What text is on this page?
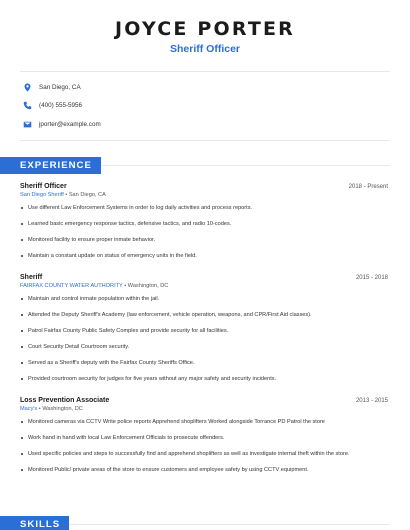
JOYCE PORTER
Sheriff Officer
San Diego, CA
(400) 555-5956
jporter@example.com
EXPERIENCE
Sheriff Officer	2018 - Present
San Diego Sheriff • San Diego, CA
Use different Law Enforcement Systems in order to log daily activities and process reports.
Learned basic emergency response tactics, defensive tactics, and radio 10-codes.
Monitored facility to ensure proper inmate behavior.
Maintain a constant update on status of emergency units in the field.
Sheriff	2015 - 2018
FAIRFAX COUNTY WATER AUTHORITY • Washington, DC
Maintain and control inmate population within the jail.
Attended the Deputy Sheriff's Academy (law enforcement, vehicle operation, weapons, and CPR/First Aid classes).
Patrol Fairfax County Public Safety Complex and provide security for all facilities.
Court Security Detail Courtroom security.
Served as a Sheriff's deputy with the Fairfax County Sheriffs Office.
Provided courtroom security for judges for five years without any major safety and security incidents.
Loss Prevention Associate	2013 - 2015
Macy's • Washington, DC
Monitored cameras via CCTV Write police reports Apprehend shoplifters Worked alongside Torrance PD Patrol the store
Work hand in hand with local Law Enforcement Officials to prosecute offenders.
Used specific policies and steps to successfully find and apprehend shoplifters as well as investigate internal theft within the store.
Monitored Public/ private areas of the store to ensure customers and employee safety by using CCTV equipment.
SKILLS
